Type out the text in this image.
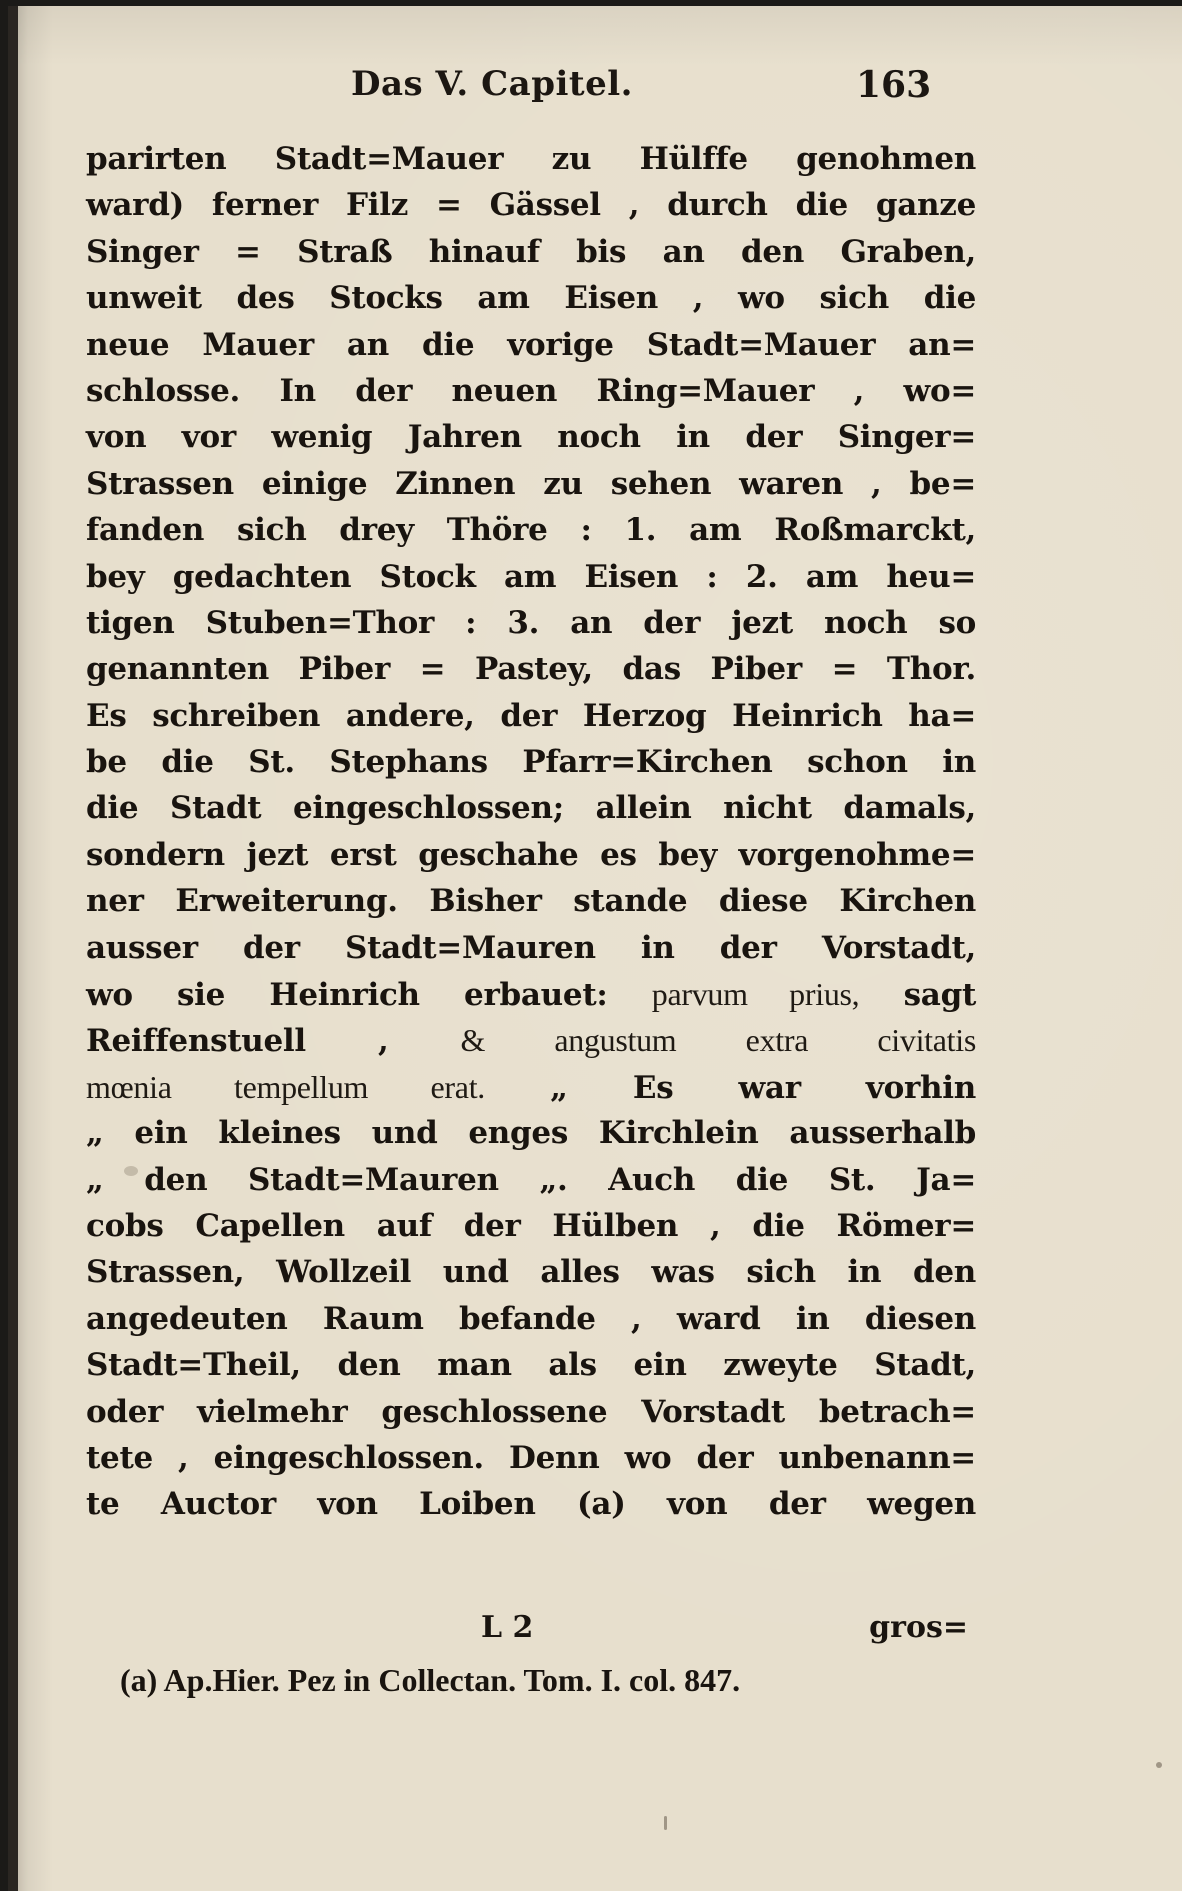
Das V. Capitel.	163
parirten Stadt=Mauer zu Hülffe genohmen
ward) ferner Filz = Gässel , durch die ganze
Singer = Straß hinauf bis an den Graben,
unweit des Stocks am Eisen , wo sich die
neue Mauer an die vorige Stadt=Mauer an=
schlosse. In der neuen Ring=Mauer , wo=
von vor wenig Jahren noch in der Singer=
Strassen einige Zinnen zu sehen waren , be=
fanden sich drey Thöre : 1. am Roßmarckt,
bey gedachten Stock am Eisen : 2. am heu=
tigen Stuben=Thor : 3. an der jezt noch so
genannten Piber = Pastey, das Piber = Thor.
Es schreiben andere, der Herzog Heinrich ha=
be die St. Stephans Pfarr=Kirchen schon in
die Stadt eingeschlossen; allein nicht damals,
sondern jezt erst geschahe es bey vorgenohme=
ner Erweiterung. Bisher stande diese Kirchen
ausser der Stadt=Mauren in der Vorstadt,
wo sie Heinrich erbauet: parvum prius, sagt
Reiffenstuell , & angustum extra civitatis
mœnia tempellum erat. „ Es war vorhin
„ ein kleines und enges Kirchlein ausserhalb
„ den Stadt=Mauren „. Auch die St. Ja=
cobs Capellen auf der Hülben , die Römer=
Strassen, Wollzeil und alles was sich in den
angedeuten Raum befande , ward in diesen
Stadt=Theil, den man als ein zweyte Stadt,
oder vielmehr geschlossene Vorstadt betrach=
tete , eingeschlossen. Denn wo der unbenann=
te Auctor von Loiben (a) von der wegen
L 2	gros=
(a) Ap.Hier. Pez in Collectan. Tom. I. col. 847.
